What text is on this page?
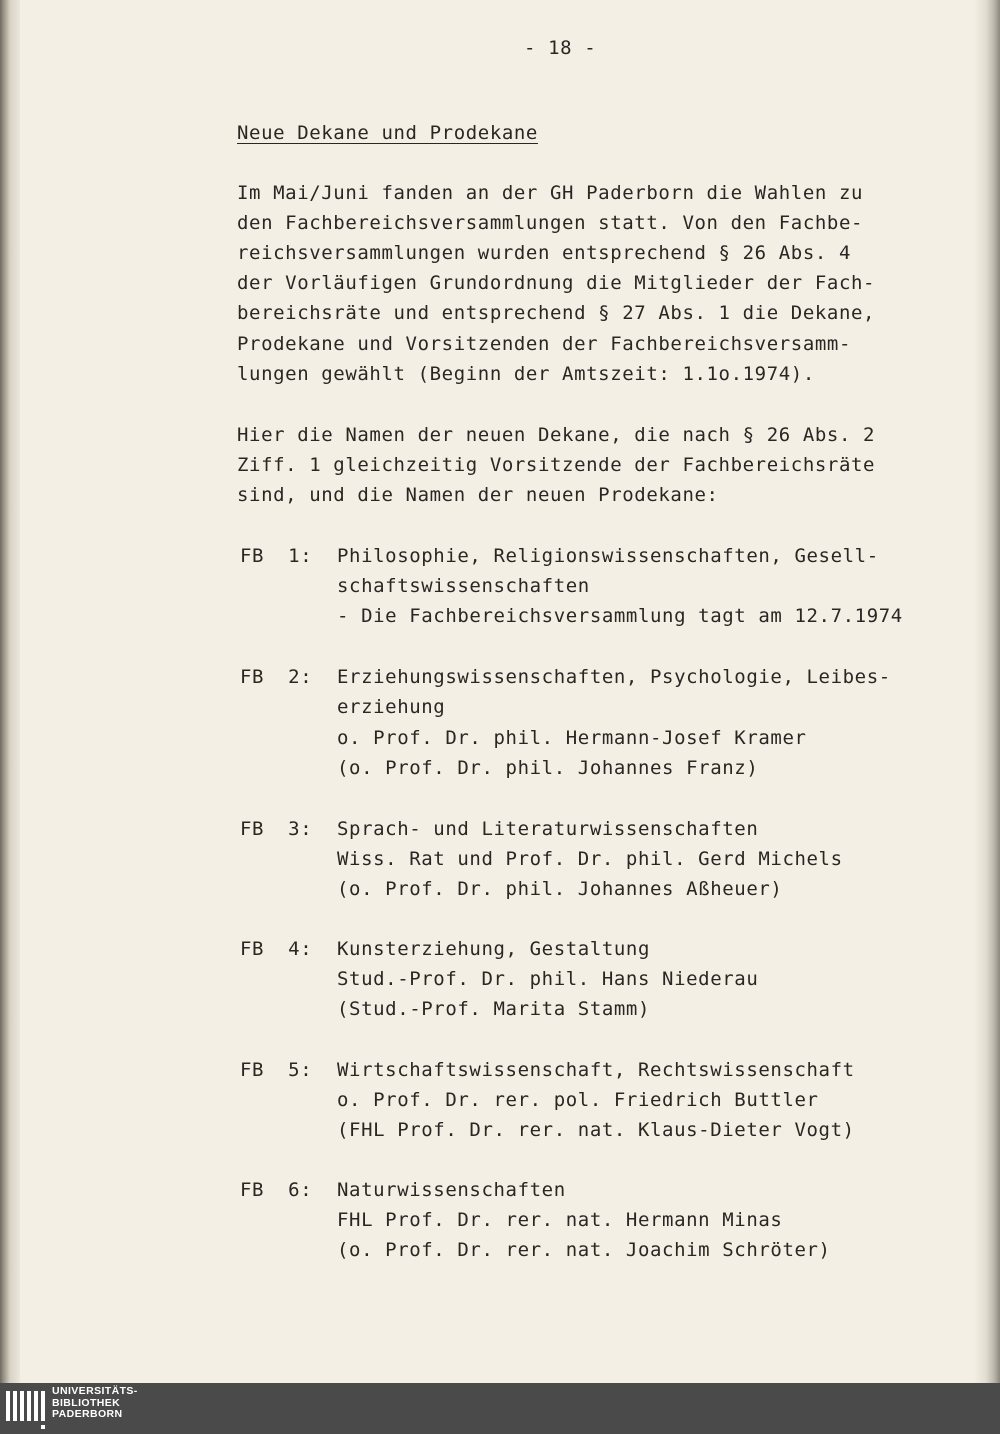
- 18 -
Neue Dekane und Prodekane
Im Mai/Juni fanden an der GH Paderborn die Wahlen zu
den Fachbereichsversammlungen statt. Von den Fachbe-
reichsversammlungen wurden entsprechend § 26 Abs. 4
der Vorläufigen Grundordnung die Mitglieder der Fach-
bereichsräte und entsprechend § 27 Abs. 1 die Dekane,
Prodekane und Vorsitzenden der Fachbereichsversamm-
lungen gewählt (Beginn der Amtszeit: 1.1o.1974).
Hier die Namen der neuen Dekane, die nach § 26 Abs. 2
Ziff. 1 gleichzeitig Vorsitzende der Fachbereichsräte
sind, und die Namen der neuen Prodekane:
FB  1: Philosophie, Religionswissenschaften, Gesell-
schaftswissenschaften
- Die Fachbereichsversammlung tagt am 12.7.1974
FB  2: Erziehungswissenschaften, Psychologie, Leibes-
erziehung
o. Prof. Dr. phil. Hermann-Josef Kramer
(o. Prof. Dr. phil. Johannes Franz)
FB  3: Sprach- und Literaturwissenschaften
Wiss. Rat und Prof. Dr. phil. Gerd Michels
(o. Prof. Dr. phil. Johannes Aßheuer)
FB  4: Kunsterziehung, Gestaltung
Stud.-Prof. Dr. phil. Hans Niederau
(Stud.-Prof. Marita Stamm)
FB  5: Wirtschaftswissenschaft, Rechtswissenschaft
o. Prof. Dr. rer. pol. Friedrich Buttler
(FHL Prof. Dr. rer. nat. Klaus-Dieter Vogt)
FB  6: Naturwissenschaften
FHL Prof. Dr. rer. nat. Hermann Minas
(o. Prof. Dr. rer. nat. Joachim Schröter)
UNIVERSITÄTS-
BIBLIOTHEK
PADERBORN
